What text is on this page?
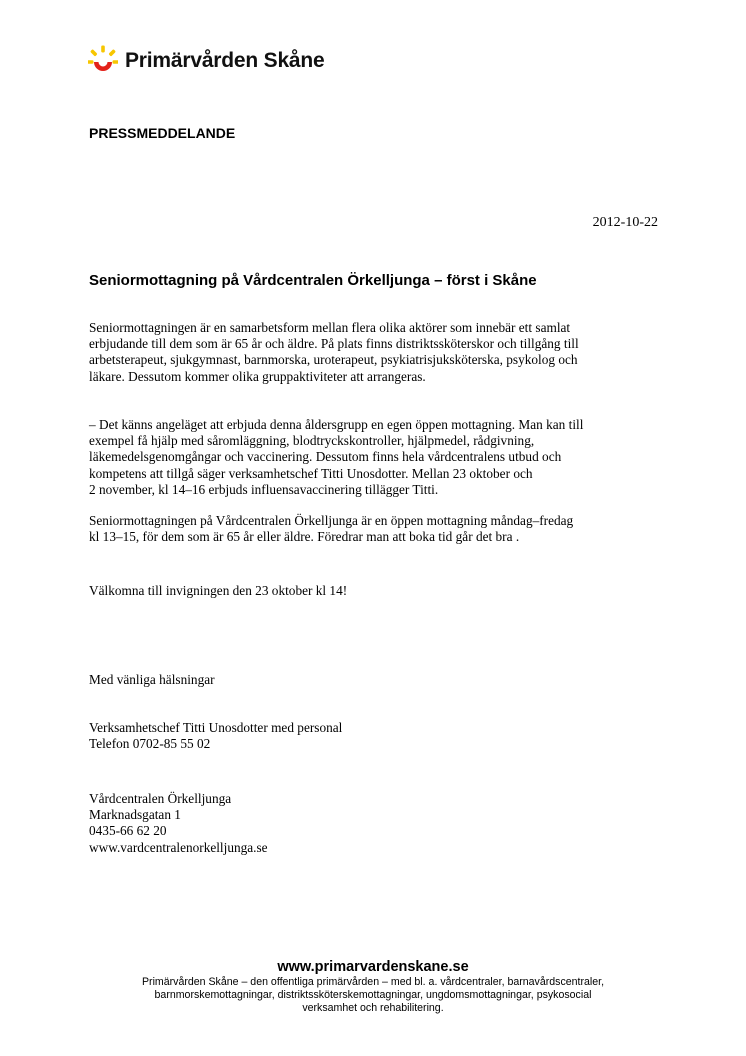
Primärvården Skåne
PRESSMEDDELANDE
2012-10-22
Seniormottagning på Vårdcentralen Örkelljunga – först i Skåne
Seniormottagningen är en samarbetsform mellan flera olika aktörer som innebär ett samlat
erbjudande till dem som är 65 år och äldre. På plats finns distriktssköterskor och tillgång till
arbetsterapeut, sjukgymnast, barnmorska, uroterapeut, psykiatrisjuksköterska, psykolog och
läkare. Dessutom kommer olika gruppaktiviteter att arrangeras.
– Det känns angeläget att erbjuda denna åldersgrupp en egen öppen mottagning. Man kan till
exempel få hjälp med såromläggning, blodtryckskontroller, hjälpmedel, rådgivning,
läkemedelsgenomgångar och vaccinering. Dessutom finns hela vårdcentralens utbud och
kompetens att tillgå säger verksamhetschef Titti Unosdotter. Mellan 23 oktober och
2 november, kl 14–16 erbjuds influensavaccinering tillägger Titti.
Seniormottagningen på Vårdcentralen Örkelljunga är en öppen mottagning måndag–fredag
kl 13–15, för dem som är 65 år eller äldre. Föredrar man att boka tid går det bra .
Välkomna till invigningen den 23 oktober kl 14!
Med vänliga hälsningar
Verksamhetschef Titti Unosdotter med personal
Telefon 0702-85 55 02
Vårdcentralen Örkelljunga
Marknadsgatan 1
0435-66 62 20
www.vardcentralenorkelljunga.se
www.primarvardenskane.se
Primärvården Skåne – den offentliga primärvården – med bl. a. vårdcentraler, barnavårdscentraler,
barnmorskemottagningar, distriktssköterskemottagningar, ungdomsmottagningar, psykosocial
verksamhet och rehabilitering.
